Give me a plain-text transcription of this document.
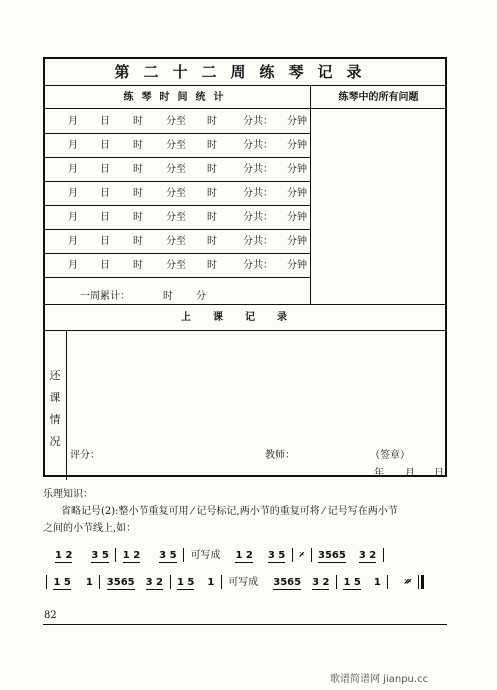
第二十二周练琴记录
练琴时间统计	练琴中的所有问题
月 日 时 分至 时	分共： 分钟
月 日 时 分至 时	分共： 分钟
月 日 时 分至 时	分共： 分钟
月 日 时 分至 时	分共： 分钟
月 日 时 分至 时	分共： 分钟
月 日 时 分至 时	分共： 分钟
月 日 时 分至 时	分共： 分钟
一周累计：	时 分
上课记录
还
课
情
况
评分：	教师：	（签章）
年 月 日

乐理知识：

省略记号(2):整小节重复可用 ⁄ 记号标记,两小节的重复可将 ⁄ 记号写在两小节

之间的小节线上,如：

1 2 3 5 1 2 3 5 可写成 1 2 3 5 𝄎 3565 3 2
1 5 1 3565 3 2 1 5 1 可写成 3565 3 2 1 5 1 𝄏
82
歌谱简谱网 jianpu.cc
